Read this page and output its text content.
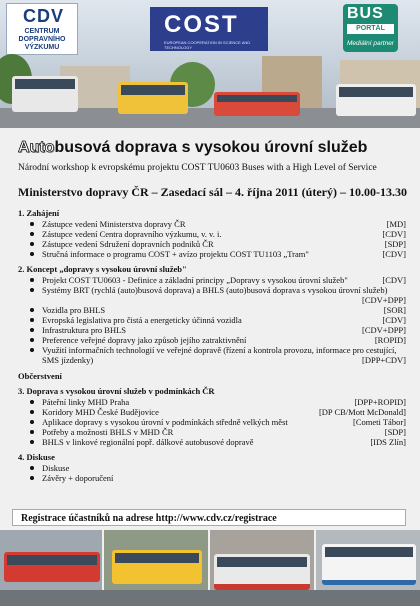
CDV
CENTRUM
DOPRAVNÍHO
VÝZKUMU
COST
EUROPEAN COOPERATION IN SCIENCE AND TECHNOLOGY
BUS
PORTÁL
Mediální partner
Autobusová doprava s vysokou úrovní služeb
Národní workshop k evropskému projektu COST TU0603 Buses with a High Level of Service
Ministerstvo dopravy ČR – Zasedací sál – 4. října 2011 (úterý) – 10.00-13.30
1. Zahájení
[MD]
Zástupce vedení Ministerstva dopravy ČR
[CDV]
Zástupce vedení Centra dopravního výzkumu, v. v. i.
[SDP]
Zástupce vedení Sdružení dopravních podniků ČR
[CDV]
Stručná informace o programu COST + avízo projektu COST TU1103 „Tram"
2. Koncept „dopravy s vysokou úrovní služeb"
[CDV]
Projekt COST TU0603 - Definice a základní principy „Dopravy s vysokou úrovní služeb"
Systémy BRT (rychlá (auto)busová doprava) a BHLS (auto)busová doprava s vysokou úrovní služeb)
[CDV+DPP]
[SOR]
Vozidla pro BHLS
[CDV]
Evropská legislativa pro čistá a energeticky účinná vozidla
[CDV+DPP]
Infrastruktura pro BHLS
[ROPID]
Preference veřejné dopravy jako způsob jejího zatraktivnění
Využití informačních technologií ve veřejné dopravě (řízení a kontrola provozu, informace pro cestující, SMS jízdenky)	[DPP+CDV]
Občerstvení
3. Doprava s vysokou úrovní služeb v podmínkách ČR
[DPP+ROPID]
Páteřní linky MHD Praha
[DP CB/Mott McDonald]
Koridory MHD České Budějovice
[Cometi Tábor]
Aplikace dopravy s vysokou úrovní v podmínkách středně velkých měst
[SDP]
Potřeby a možnosti BHLS v MHD ČR
[IDS Zlín]
BHLS v linkové regionální popř. dálkové autobusové dopravě
4. Diskuse
Diskuse
Závěry + doporučení
Registrace účastníků na adrese http://www.cdv.cz/registrace
